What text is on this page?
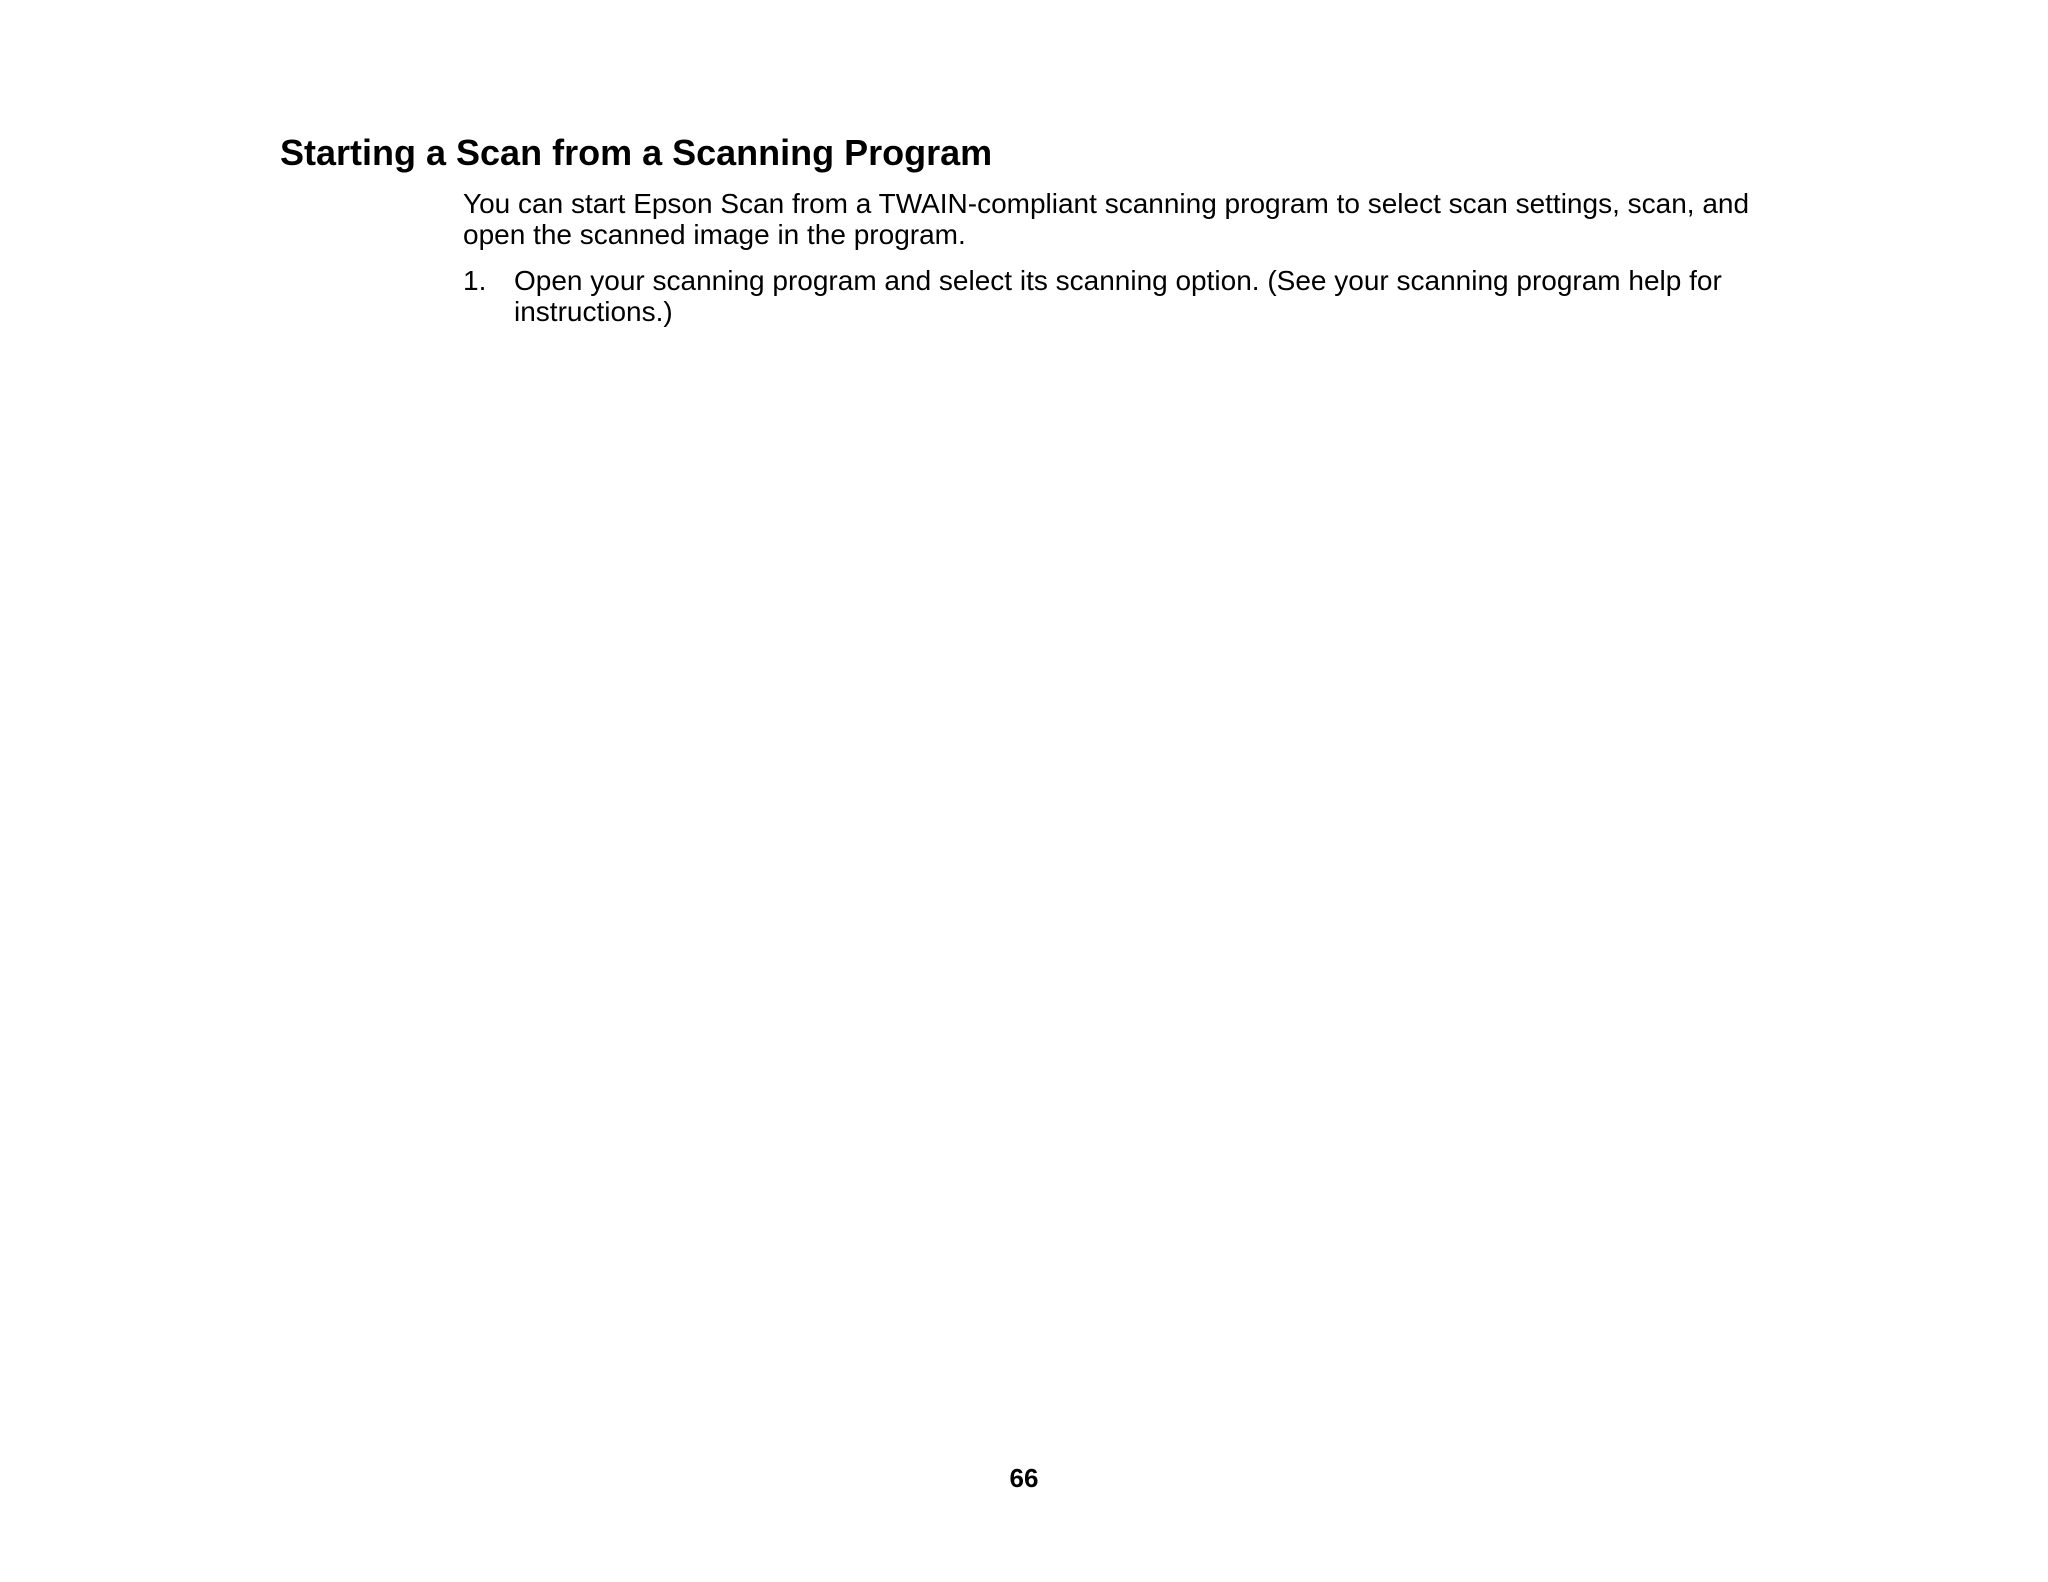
Starting a Scan from a Scanning Program

You can start Epson Scan from a TWAIN-compliant scanning program to select scan settings, scan, and open the scanned image in the program.

1. Open your scanning program and select its scanning option. (See your scanning program help for instructions.)
66
